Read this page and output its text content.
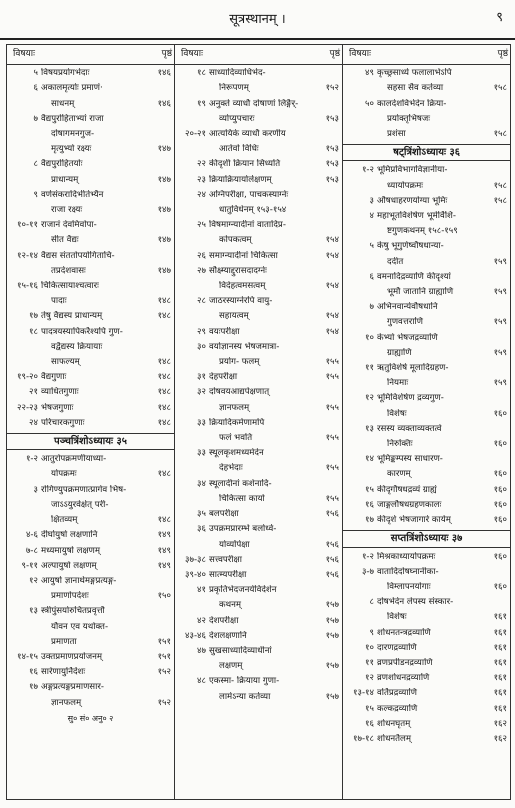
सूत्रस्थानम् ।	९
विषयाः	पृष्ठं
५ विषयप्रयोगभेदाः	१४६
६ अकालमृत्योः प्रमाणं·
साधनम्	१४६
७ वैद्यपुरोहिताभ्यां राजा
दोषागमनगुज-
मृत्युभ्यो रक्ष्यः	१४७
८ वैद्यपुरोहितयोः
प्राधान्यम्	१४७
९ वर्णसंकरादिभीतेभ्यैन
राजा रक्ष्यः	१४७
१०-११ राजानं देवमिवोपा-
सीत वैद्यः	१४७
१२-१४ वैद्यस संततोपयोगिताचि-
तप्रदेशवासः	१४७
१५-१६ चिकित्सायाश्चत्वारः
पादाः	१४८
१७ तेषु वैद्यस्य प्राधान्यम्	१४८
१८ पादत्रयस्यापिकरैश्यपि गुण-
वद्वैद्यस्य क्रियायाः
साफल्यम्	१४८
१९-२० वैद्यगुणाः	१४८
२१ व्याधितगुणाः	१४८
२२-२३ भेषजगुणाः	१४८
२४ परिचारकगुणाः	१४८
पञ्चत्रिंशोऽध्यायः ३५
१-२ आतुरोपक्रमणीयाध्या-
योपक्रमः	१४८
३ रोगिण्युपक्रमणात्प्रागेव भिष-
जाऽऽयुरवेक्षेत् परी-
क्षितव्यम्	१४८
४-६ दीर्घायुषो लक्षणानि	१४९
७-८ मध्यमायुषो लक्षणम्	१४९
९-११ अल्पायुषो लक्षणम्	१४९
१२ आयुषो ज्ञानार्थमङ्गप्रत्यङ्ग-
प्रमाणोपदेशः	१५०
१३ स्त्रीपुंसयोरुचितप्रवृत्तौ
यौवन एव यथोक्त-
प्रमाणता	१५१
१४-१५ उक्तप्रमाणप्रयोजनम्	१५१
१६ सारेणायुर्निर्देशः	१५२
१७ अङ्गप्रत्यङ्गप्रमाणसार-
ज्ञानफलम्	१५२
सु० सं० अनु० २
विषयाः	पृष्ठं
१८ साध्यादिव्याधिभेद-
निरूपणम्	१५२
१९ अनुक्ते व्याधौ दोषाणां लिङ्गैर्-
व्योप्युपचारः	१५३
२०-२१ आत्ययिके व्याधौ करणीय
आर्तवो विधिः	१५३
२२ कीदृशी क्रियान सिध्यति	१५३
२३ क्रियाक्रियायोर्लक्षणम्	१५३
२४ अग्निपरीक्षा, पाचकस्याग्नेः
धातुविर्धनम् १५३-१५४
२५ विषमाग्न्यादीनां वातादिप्र-
कोपकत्वम्	१५४
२६ समाग्न्यादीनां चिकित्सा	१५४
२७ सौक्ष्म्याद्दुरासदादग्नेः
विदेहत्वमसत्वम्	१५४
२८ जाठरस्याग्नेरपि वायु-
सहायत्वम्	१५४
२९ वयःपरीक्षा	१५४
३० वयोज्ञानस्य भेषजमात्रा-
प्रयोग- फलम्	१५५
३१ देहपरीक्षा	१५५
३२ दोषवयआद्यपेक्षणात्
ज्ञानफलम्	१५५
३३ क्रियादिकर्मणामपि
फलं भवति	१५५
३३ स्थूलकृशमध्यमेदेन
देहभेदाः	१५५
३४ स्थूलादीनां कर्शनादि-
चिकित्सा कार्या	१५५
३५ बलपरीक्षा	१५६
३६ उपक्रमप्रारम्भे बलोर्ध्व-
योर्व्योपेक्षा	१५६
३७-३८ सत्त्वपरीक्षा	१५६
३९-४० सात्म्यपरीक्षा	१५६
४१ प्रकृतिभेदजनयेविदेशेन
कथनम्	१५७
४२ देशपरीक्षा	१५७
४३-४६ देशलक्षणानि	१५७
४७ सुखसाध्यादिव्याधीनां
लक्षणम्	१५७
४८ एकस्मा- क्रियाया गुणा-
लामेऽन्या कर्तव्या	१५७
विषयाः	पृष्ठं
४९ कृच्छ्रसाध्ये फलालाभेऽपि
सहसा सैव कर्तव्या	१५८
५० कालदेशविभेदेन क्रिया-
प्रयोक्तृभिषजः
प्रशंसा	१५८
षट्त्रिंशोऽध्यायः ३६
१-२ भूमिप्रविभागविज्ञानीया-
ध्यायोपक्रमः	१५८
३ औषधाहरणयोग्या भूमिः	१५८
४ महाभूतविशेषेण भूमेर्विशि-
ष्टगुणकथनम् १५८-१५९
५ केषु भूगुणेष्वौषधान्या-
ददीत	१५९
६ वमनादिद्रव्याणि कीदृश्यां
भूमौ जातानि ग्राह्याणि	१५९
७ अभिनवान्येवौषधानि
गुणवत्तराणि	१५९
१० केभ्यो भेषजद्रव्याणि
ग्राह्याणि	१५९
११ ऋतुविशेषे मूलादिग्रहण-
नियमाः	१५९
१२ भूमिविशेषेण द्रव्यगुण-
विशेषः	१६०
१३ रसस्य व्यक्ताव्यक्तत्वे
निरुक्तिः	१६०
१४ भूमिङ्कम्पस्य साधारण-
कारणम्	१६०
१५ कीदृगौषधद्रव्यं ग्राह्यं	१६०
१६ जाङ्गलौषधग्रहणकालः	१६०
१७ कीदृशे भेषजागारे कार्यम्	१६०
सप्तत्रिंशोऽध्यायः ३७
१-२ मिश्रकाध्यायोपक्रमः	१६०
३-७ वातादिदोषघ्नानीका-
विम्लापनयोगाः	१६०
८ दोषभेदेन लेपस्य संस्कार-
विशेषः	१६१
९ शोधनतन्त्रद्रव्याणि	१६१
१० दारणद्रव्याणि	१६१
११ व्रणप्रपीडनद्रव्याणि	१६१
१२ व्रणशोधनद्रव्याणि	१६१
१३-१४ वर्तिप्रद्रव्याणि	१६१
१५ कल्कद्रव्याणि	१६१
१६ शोधनघृतम्	१६२
१७-१८ शोधनतैलम्	१६२
